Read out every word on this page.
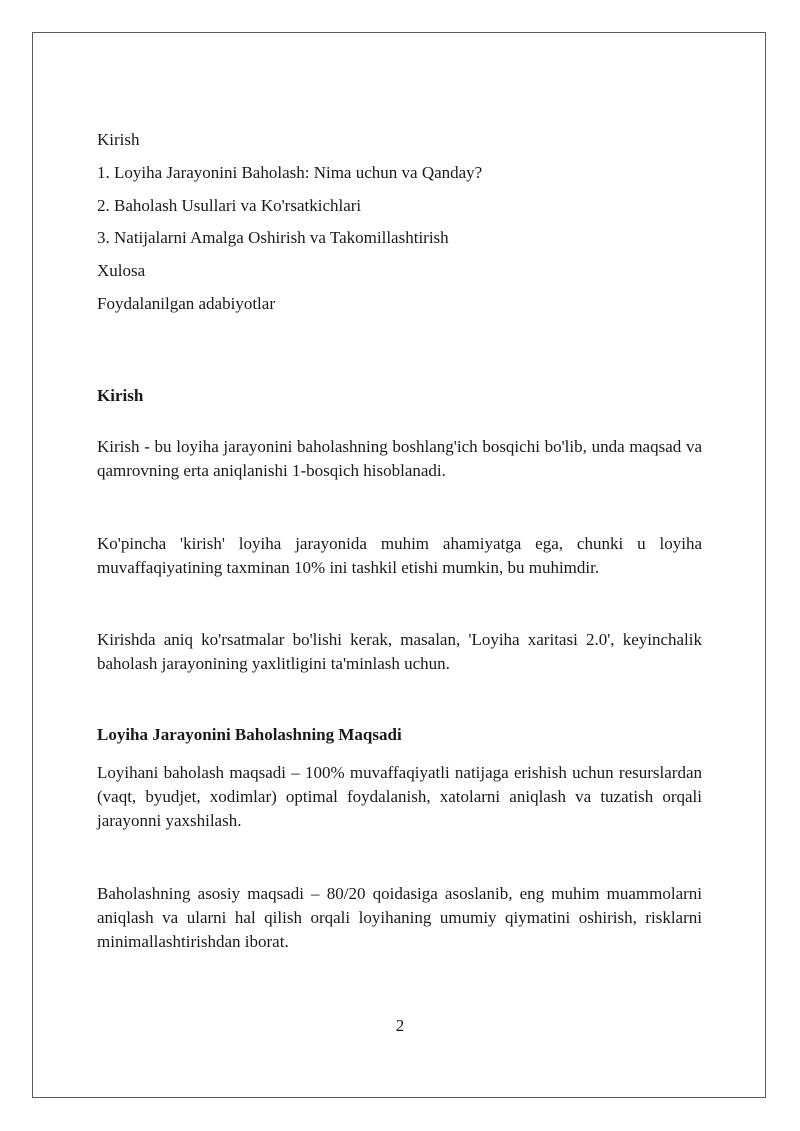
Kirish
1. Loyiha Jarayonini Baholash: Nima uchun va Qanday?
2. Baholash Usullari va Ko'rsatkichlari
3. Natijalarni Amalga Oshirish va Takomillashtirish
Xulosa
Foydalanilgan adabiyotlar
Kirish

Kirish - bu loyiha jarayonini baholashning boshlang'ich bosqichi bo'lib, unda maqsad va qamrovning erta aniqlanishi 1-bosqich hisoblanadi.

Ko'pincha 'kirish' loyiha jarayonida muhim ahamiyatga ega, chunki u loyiha muvaffaqiyatining taxminan 10% ini tashkil etishi mumkin, bu muhimdir.

Kirishda aniq ko'rsatmalar bo'lishi kerak, masalan, 'Loyiha xaritasi 2.0', keyinchalik baholash jarayonining yaxlitligini ta'minlash uchun.

Loyiha Jarayonini Baholashning Maqsadi

Loyihani baholash maqsadi – 100% muvaffaqiyatli natijaga erishish uchun resurslardan (vaqt, byudjet, xodimlar) optimal foydalanish, xatolarni aniqlash va tuzatish orqali jarayonni yaxshilash.

Baholashning asosiy maqsadi – 80/20 qoidasiga asoslanib, eng muhim muammolarni aniqlash va ularni hal qilish orqali loyihaning umumiy qiymatini oshirish, risklarni minimallashtirishdan iborat.

2
